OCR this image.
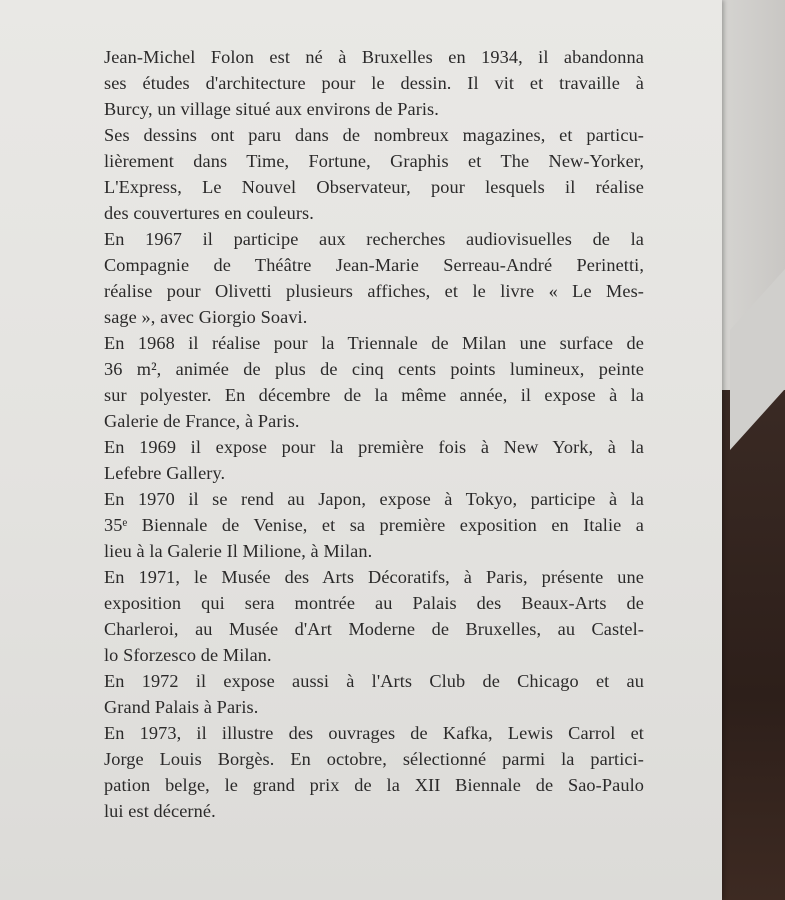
Jean-Michel Folon est né à Bruxelles en 1934, il abandonna
ses études d'architecture pour le dessin. Il vit et travaille à
Burcy, un village situé aux environs de Paris.

Ses dessins ont paru dans de nombreux magazines, et particu-
lièrement dans Time, Fortune, Graphis et The New-Yorker,
L'Express, Le Nouvel Observateur, pour lesquels il réalise
des couvertures en couleurs.

En 1967 il participe aux recherches audiovisuelles de la
Compagnie de Théâtre Jean-Marie Serreau-André Perinetti,
réalise pour Olivetti plusieurs affiches, et le livre « Le Mes-
sage », avec Giorgio Soavi.

En 1968 il réalise pour la Triennale de Milan une surface de
36 m², animée de plus de cinq cents points lumineux, peinte
sur polyester. En décembre de la même année, il expose à la
Galerie de France, à Paris.

En 1969 il expose pour la première fois à New York, à la
Lefebre Gallery.

En 1970 il se rend au Japon, expose à Tokyo, participe à la
35ᵉ Biennale de Venise, et sa première exposition en Italie a
lieu à la Galerie Il Milione, à Milan.

En 1971, le Musée des Arts Décoratifs, à Paris, présente une
exposition qui sera montrée au Palais des Beaux-Arts de
Charleroi, au Musée d'Art Moderne de Bruxelles, au Castel-
lo Sforzesco de Milan.

En 1972 il expose aussi à l'Arts Club de Chicago et au
Grand Palais à Paris.

En 1973, il illustre des ouvrages de Kafka, Lewis Carrol et
Jorge Louis Borgès. En octobre, sélectionné parmi la partici-
pation belge, le grand prix de la XII Biennale de Sao-Paulo
lui est décerné.
